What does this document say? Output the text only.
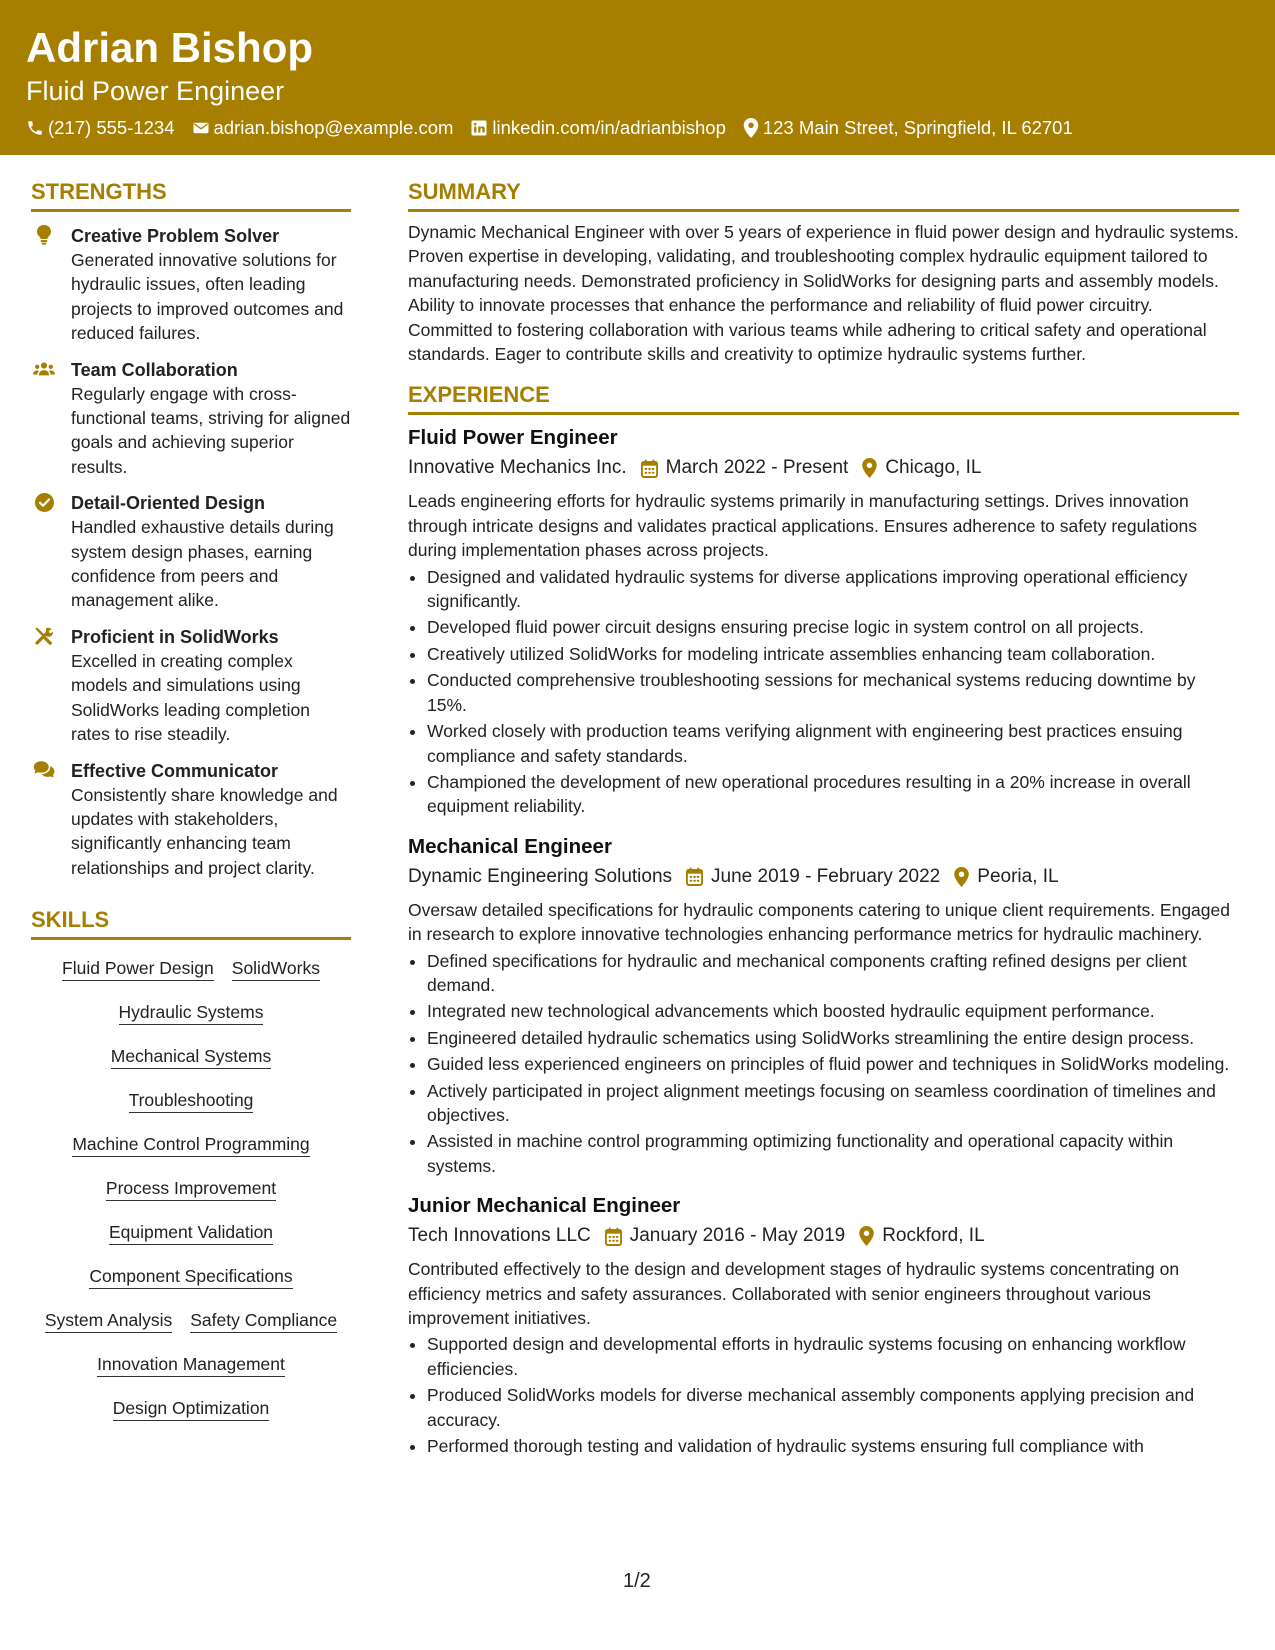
Adrian Bishop
Fluid Power Engineer
(217) 555-1234 adrian.bishop@example.com linkedin.com/in/adrianbishop 123 Main Street, Springfield, IL 62701
STRENGTHS
Creative Problem Solver
Generated innovative solutions for hydraulic issues, often leading projects to improved outcomes and reduced failures.
Team Collaboration
Regularly engage with cross-functional teams, striving for aligned goals and achieving superior results.
Detail-Oriented Design
Handled exhaustive details during system design phases, earning confidence from peers and management alike.
Proficient in SolidWorks
Excelled in creating complex models and simulations using SolidWorks leading completion rates to rise steadily.
Effective Communicator
Consistently share knowledge and updates with stakeholders, significantly enhancing team relationships and project clarity.
SKILLS
Fluid Power Design SolidWorks
Hydraulic Systems
Mechanical Systems
Troubleshooting
Machine Control Programming
Process Improvement
Equipment Validation
Component Specifications
System Analysis Safety Compliance
Innovation Management
Design Optimization
SUMMARY

Dynamic Mechanical Engineer with over 5 years of experience in fluid power design and hydraulic systems. Proven expertise in developing, validating, and troubleshooting complex hydraulic equipment tailored to manufacturing needs. Demonstrated proficiency in SolidWorks for designing parts and assembly models. Ability to innovate processes that enhance the performance and reliability of fluid power circuitry. Committed to fostering collaboration with various teams while adhering to critical safety and operational standards. Eager to contribute skills and creativity to optimize hydraulic systems further.

EXPERIENCE
Fluid Power Engineer
Innovative Mechanics Inc. March 2022 - Present Chicago, IL
Leads engineering efforts for hydraulic systems primarily in manufacturing settings. Drives innovation through intricate designs and validates practical applications. Ensures adherence to safety regulations during implementation phases across projects.
• Designed and validated hydraulic systems for diverse applications improving operational efficiency significantly.
• Developed fluid power circuit designs ensuring precise logic in system control on all projects.
• Creatively utilized SolidWorks for modeling intricate assemblies enhancing team collaboration.
• Conducted comprehensive troubleshooting sessions for mechanical systems reducing downtime by 15%.
• Worked closely with production teams verifying alignment with engineering best practices ensuing compliance and safety standards.
• Championed the development of new operational procedures resulting in a 20% increase in overall equipment reliability.
Mechanical Engineer
Dynamic Engineering Solutions June 2019 - February 2022 Peoria, IL
Oversaw detailed specifications for hydraulic components catering to unique client requirements. Engaged in research to explore innovative technologies enhancing performance metrics for hydraulic machinery.
• Defined specifications for hydraulic and mechanical components crafting refined designs per client demand.
• Integrated new technological advancements which boosted hydraulic equipment performance.
• Engineered detailed hydraulic schematics using SolidWorks streamlining the entire design process.
• Guided less experienced engineers on principles of fluid power and techniques in SolidWorks modeling.
• Actively participated in project alignment meetings focusing on seamless coordination of timelines and objectives.
• Assisted in machine control programming optimizing functionality and operational capacity within systems.
Junior Mechanical Engineer
Tech Innovations LLC January 2016 - May 2019 Rockford, IL
Contributed effectively to the design and development stages of hydraulic systems concentrating on efficiency metrics and safety assurances. Collaborated with senior engineers throughout various improvement initiatives.
• Supported design and developmental efforts in hydraulic systems focusing on enhancing workflow efficiencies.
• Produced SolidWorks models for diverse mechanical assembly components applying precision and accuracy.
• Performed thorough testing and validation of hydraulic systems ensuring full compliance with
1/2
